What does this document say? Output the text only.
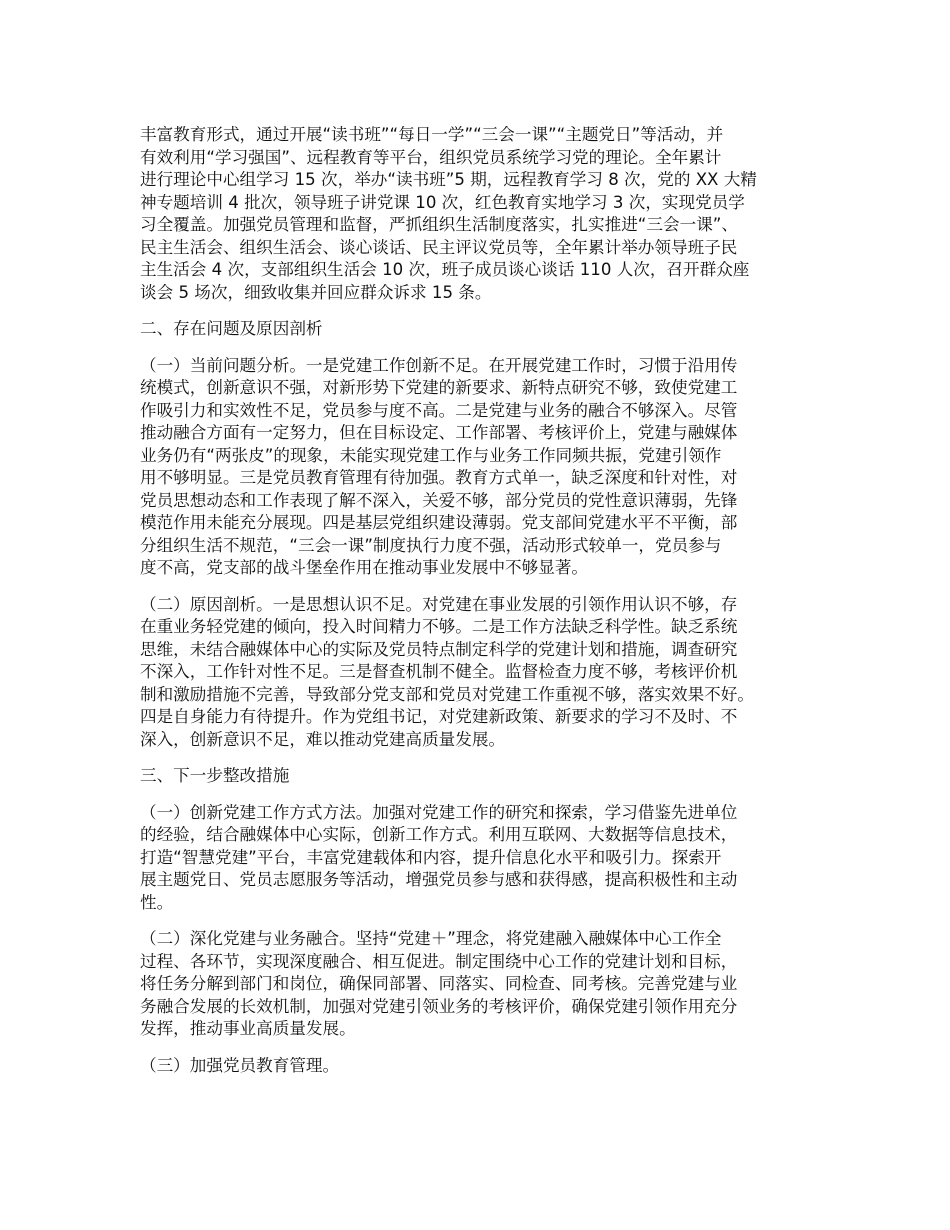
丰富教育形式，通过开展“读书班”“每日一学”“三会一课”“主题党日”等活动，并
有效利用“学习强国”、远程教育等平台，组织党员系统学习党的理论。全年累计
进行理论中心组学习 15 次，举办“读书班”5 期，远程教育学习 8 次，党的 XX 大精
神专题培训 4 批次，领导班子讲党课 10 次，红色教育实地学习 3 次，实现党员学
习全覆盖。加强党员管理和监督，严抓组织生活制度落实，扎实推进“三会一课”、
民主生活会、组织生活会、谈心谈话、民主评议党员等，全年累计举办领导班子民
主生活会 4 次，支部组织生活会 10 次，班子成员谈心谈话 110 人次，召开群众座
谈会 5 场次，细致收集并回应群众诉求 15 条。

二、存在问题及原因剖析

（一）当前问题分析。一是党建工作创新不足。在开展党建工作时，习惯于沿用传
统模式，创新意识不强，对新形势下党建的新要求、新特点研究不够，致使党建工
作吸引力和实效性不足，党员参与度不高。二是党建与业务的融合不够深入。尽管
推动融合方面有一定努力，但在目标设定、工作部署、考核评价上，党建与融媒体
业务仍有“两张皮”的现象，未能实现党建工作与业务工作同频共振，党建引领作
用不够明显。三是党员教育管理有待加强。教育方式单一，缺乏深度和针对性，对
党员思想动态和工作表现了解不深入，关爱不够，部分党员的党性意识薄弱，先锋
模范作用未能充分展现。四是基层党组织建设薄弱。党支部间党建水平不平衡，部
分组织生活不规范，“三会一课”制度执行力度不强，活动形式较单一，党员参与
度不高，党支部的战斗堡垒作用在推动事业发展中不够显著。

（二）原因剖析。一是思想认识不足。对党建在事业发展的引领作用认识不够，存
在重业务轻党建的倾向，投入时间精力不够。二是工作方法缺乏科学性。缺乏系统
思维，未结合融媒体中心的实际及党员特点制定科学的党建计划和措施，调查研究
不深入，工作针对性不足。三是督查机制不健全。监督检查力度不够，考核评价机
制和激励措施不完善，导致部分党支部和党员对党建工作重视不够，落实效果不好。
四是自身能力有待提升。作为党组书记，对党建新政策、新要求的学习不及时、不
深入，创新意识不足，难以推动党建高质量发展。

三、下一步整改措施

（一）创新党建工作方式方法。加强对党建工作的研究和探索，学习借鉴先进单位
的经验，结合融媒体中心实际，创新工作方式。利用互联网、大数据等信息技术，
打造“智慧党建”平台，丰富党建载体和内容，提升信息化水平和吸引力。探索开
展主题党日、党员志愿服务等活动，增强党员参与感和获得感，提高积极性和主动
性。

（二）深化党建与业务融合。坚持“党建＋”理念，将党建融入融媒体中心工作全
过程、各环节，实现深度融合、相互促进。制定围绕中心工作的党建计划和目标，
将任务分解到部门和岗位，确保同部署、同落实、同检查、同考核。完善党建与业
务融合发展的长效机制，加强对党建引领业务的考核评价，确保党建引领作用充分
发挥，推动事业高质量发展。

（三）加强党员教育管理。
